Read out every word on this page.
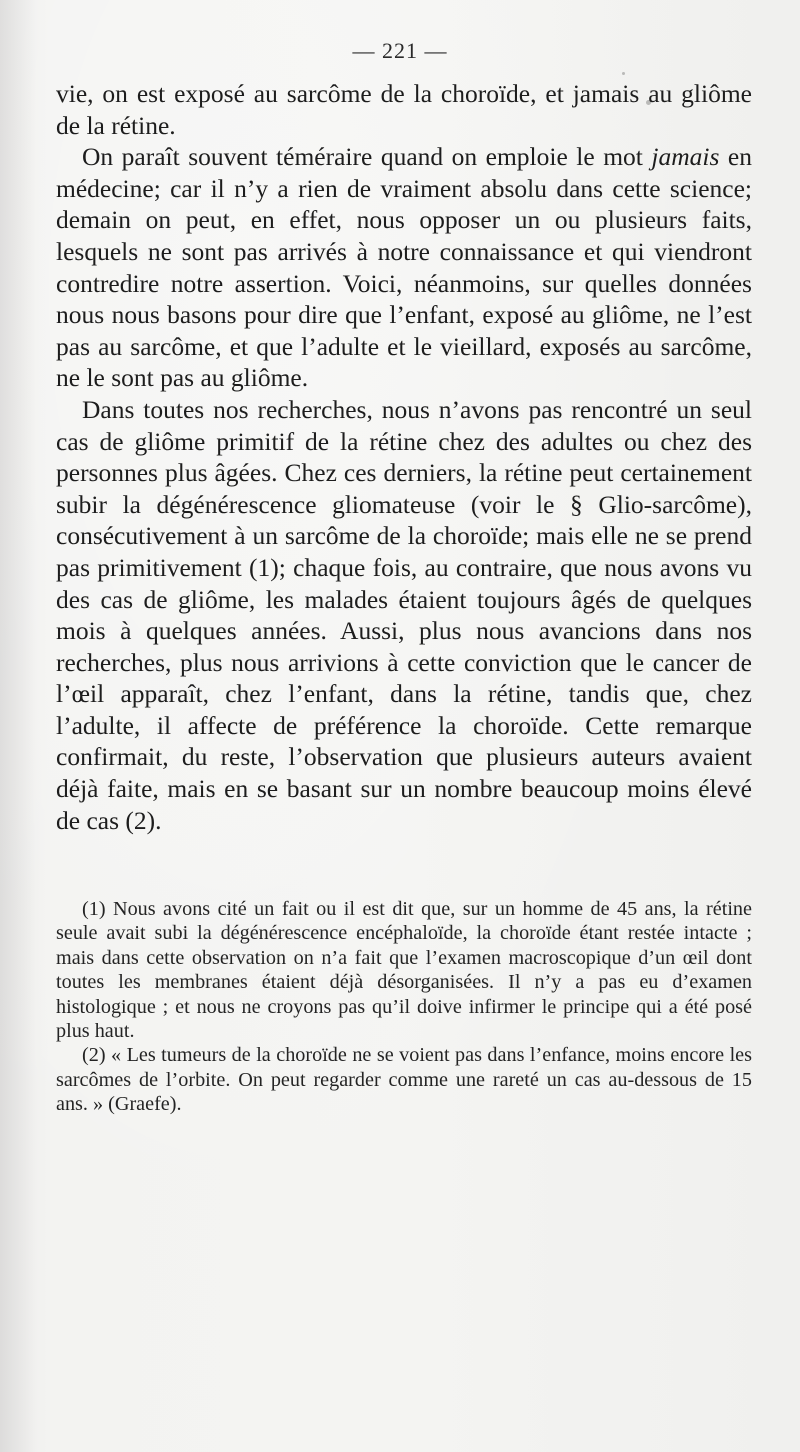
— 221 —

vie, on est exposé au sarcôme de la choroïde, et jamais au gliôme de la rétine.

On paraît souvent téméraire quand on emploie le mot jamais en médecine; car il n’y a rien de vraiment absolu dans cette science; demain on peut, en effet, nous opposer un ou plusieurs faits, lesquels ne sont pas arrivés à notre connaissance et qui viendront contredire notre assertion. Voici, néanmoins, sur quelles données nous nous basons pour dire que l’enfant, exposé au gliôme, ne l’est pas au sarcôme, et que l’adulte et le vieillard, exposés au sarcôme, ne le sont pas au gliôme.

Dans toutes nos recherches, nous n’avons pas rencontré un seul cas de gliôme primitif de la rétine chez des adultes ou chez des personnes plus âgées. Chez ces derniers, la rétine peut certainement subir la dégénérescence gliomateuse (voir le § Glio-sarcôme), consécutivement à un sarcôme de la choroïde; mais elle ne se prend pas primitivement (1); chaque fois, au contraire, que nous avons vu des cas de gliôme, les malades étaient toujours âgés de quelques mois à quelques années. Aussi, plus nous avancions dans nos recherches, plus nous arrivions à cette conviction que le cancer de l’œil apparaît, chez l’enfant, dans la rétine, tandis que, chez l’adulte, il affecte de préférence la choroïde. Cette remarque confirmait, du reste, l’observation que plusieurs auteurs avaient déjà faite, mais en se basant sur un nombre beaucoup moins élevé de cas (2).

(1) Nous avons cité un fait ou il est dit que, sur un homme de 45 ans, la rétine seule avait subi la dégénérescence encéphaloïde, la choroïde étant restée intacte ; mais dans cette observation on n’a fait que l’examen macroscopique d’un œil dont toutes les membranes étaient déjà désorganisées. Il n’y a pas eu d’examen histologique ; et nous ne croyons pas qu’il doive infirmer le principe qui a été posé plus haut.

(2) « Les tumeurs de la choroïde ne se voient pas dans l’enfance, moins encore les sarcômes de l’orbite. On peut regarder comme une rareté un cas au-dessous de 15 ans. » (Graefe).
